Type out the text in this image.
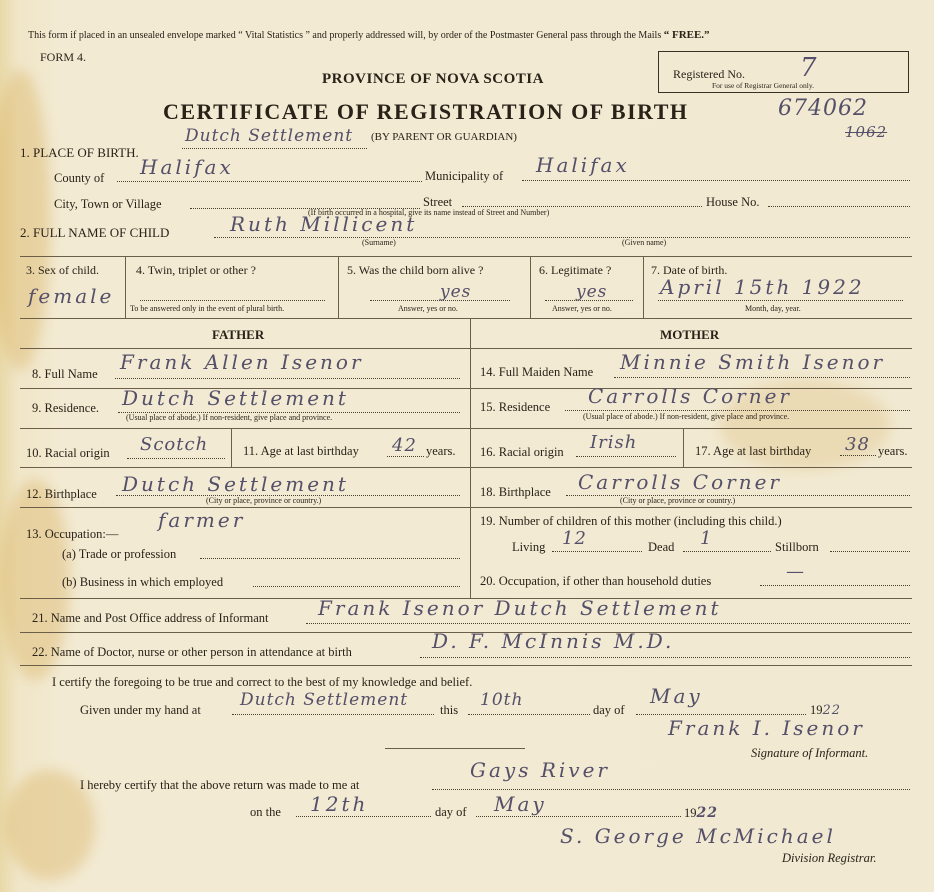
This form if placed in an unsealed envelope marked “ Vital Statistics ” and properly addressed will, by order of the Postmaster General pass through the Mails “ FREE.”
FORM 4.
PROVINCE OF NOVA SCOTIA
CERTIFICATE OF REGISTRATION OF BIRTH
Registered No. 7
For use of Registrar General only.
674062
1062
1. PLACE OF BIRTH.
Dutch Settlement (BY PARENT OR GUARDIAN)
County of Halifax	Municipality of Halifax
City, Town or Village	Street	House No.
(If birth occurred in a hospital, give its name instead of Street and Number)
2. FULL NAME OF CHILD	Ruth Millicent
(Surname)	(Given name)
3. Sex of child.
female
4. Twin, triplet or other ?
To be answered only in the event of plural birth.
5. Was the child born alive ?
yes
Answer, yes or no.
6. Legitimate ?
yes
Answer, yes or no.
7. Date of birth.
April 15th 1922
Month, day, year.
FATHER
8. Full Name Frank Allen Isenor
9. Residence. Dutch Settlement
(Usual place of abode.) If non-resident, give place and province.
10. Racial origin Scotch	11. Age at last birthday 42 years.
12. Birthplace Dutch Settlement
(City or place, province or country.)
13. Occupation:—
farmer
(a) Trade or profession
(b) Business in which employed
MOTHER
14. Full Maiden Name Minnie Smith Isenor
15. Residence Carrolls Corner
(Usual place of abode.) If non-resident, give place and province.
16. Racial origin Irish	17. Age at last birthday 38 years.
18. Birthplace Carrolls Corner
(City or place, province or country.)
19. Number of children of this mother (including this child.)
Living 12	Dead 1	Stillborn
20. Occupation, if other than household duties	—
21. Name and Post Office address of Informant Frank Isenor Dutch Settlement
22. Name of Doctor, nurse or other person in attendance at birth	D. F. McInnis M.D.
I certify the foregoing to be true and correct to the best of my knowledge and belief.
Given under my hand at Dutch Settlement	this 10th	day of
May
1922
Frank I. Isenor
Signature of Informant.
I hereby certify that the above return was made to me at
Gays River
on the 12th	day of May	1922
S. George McMichael
Division Registrar.
